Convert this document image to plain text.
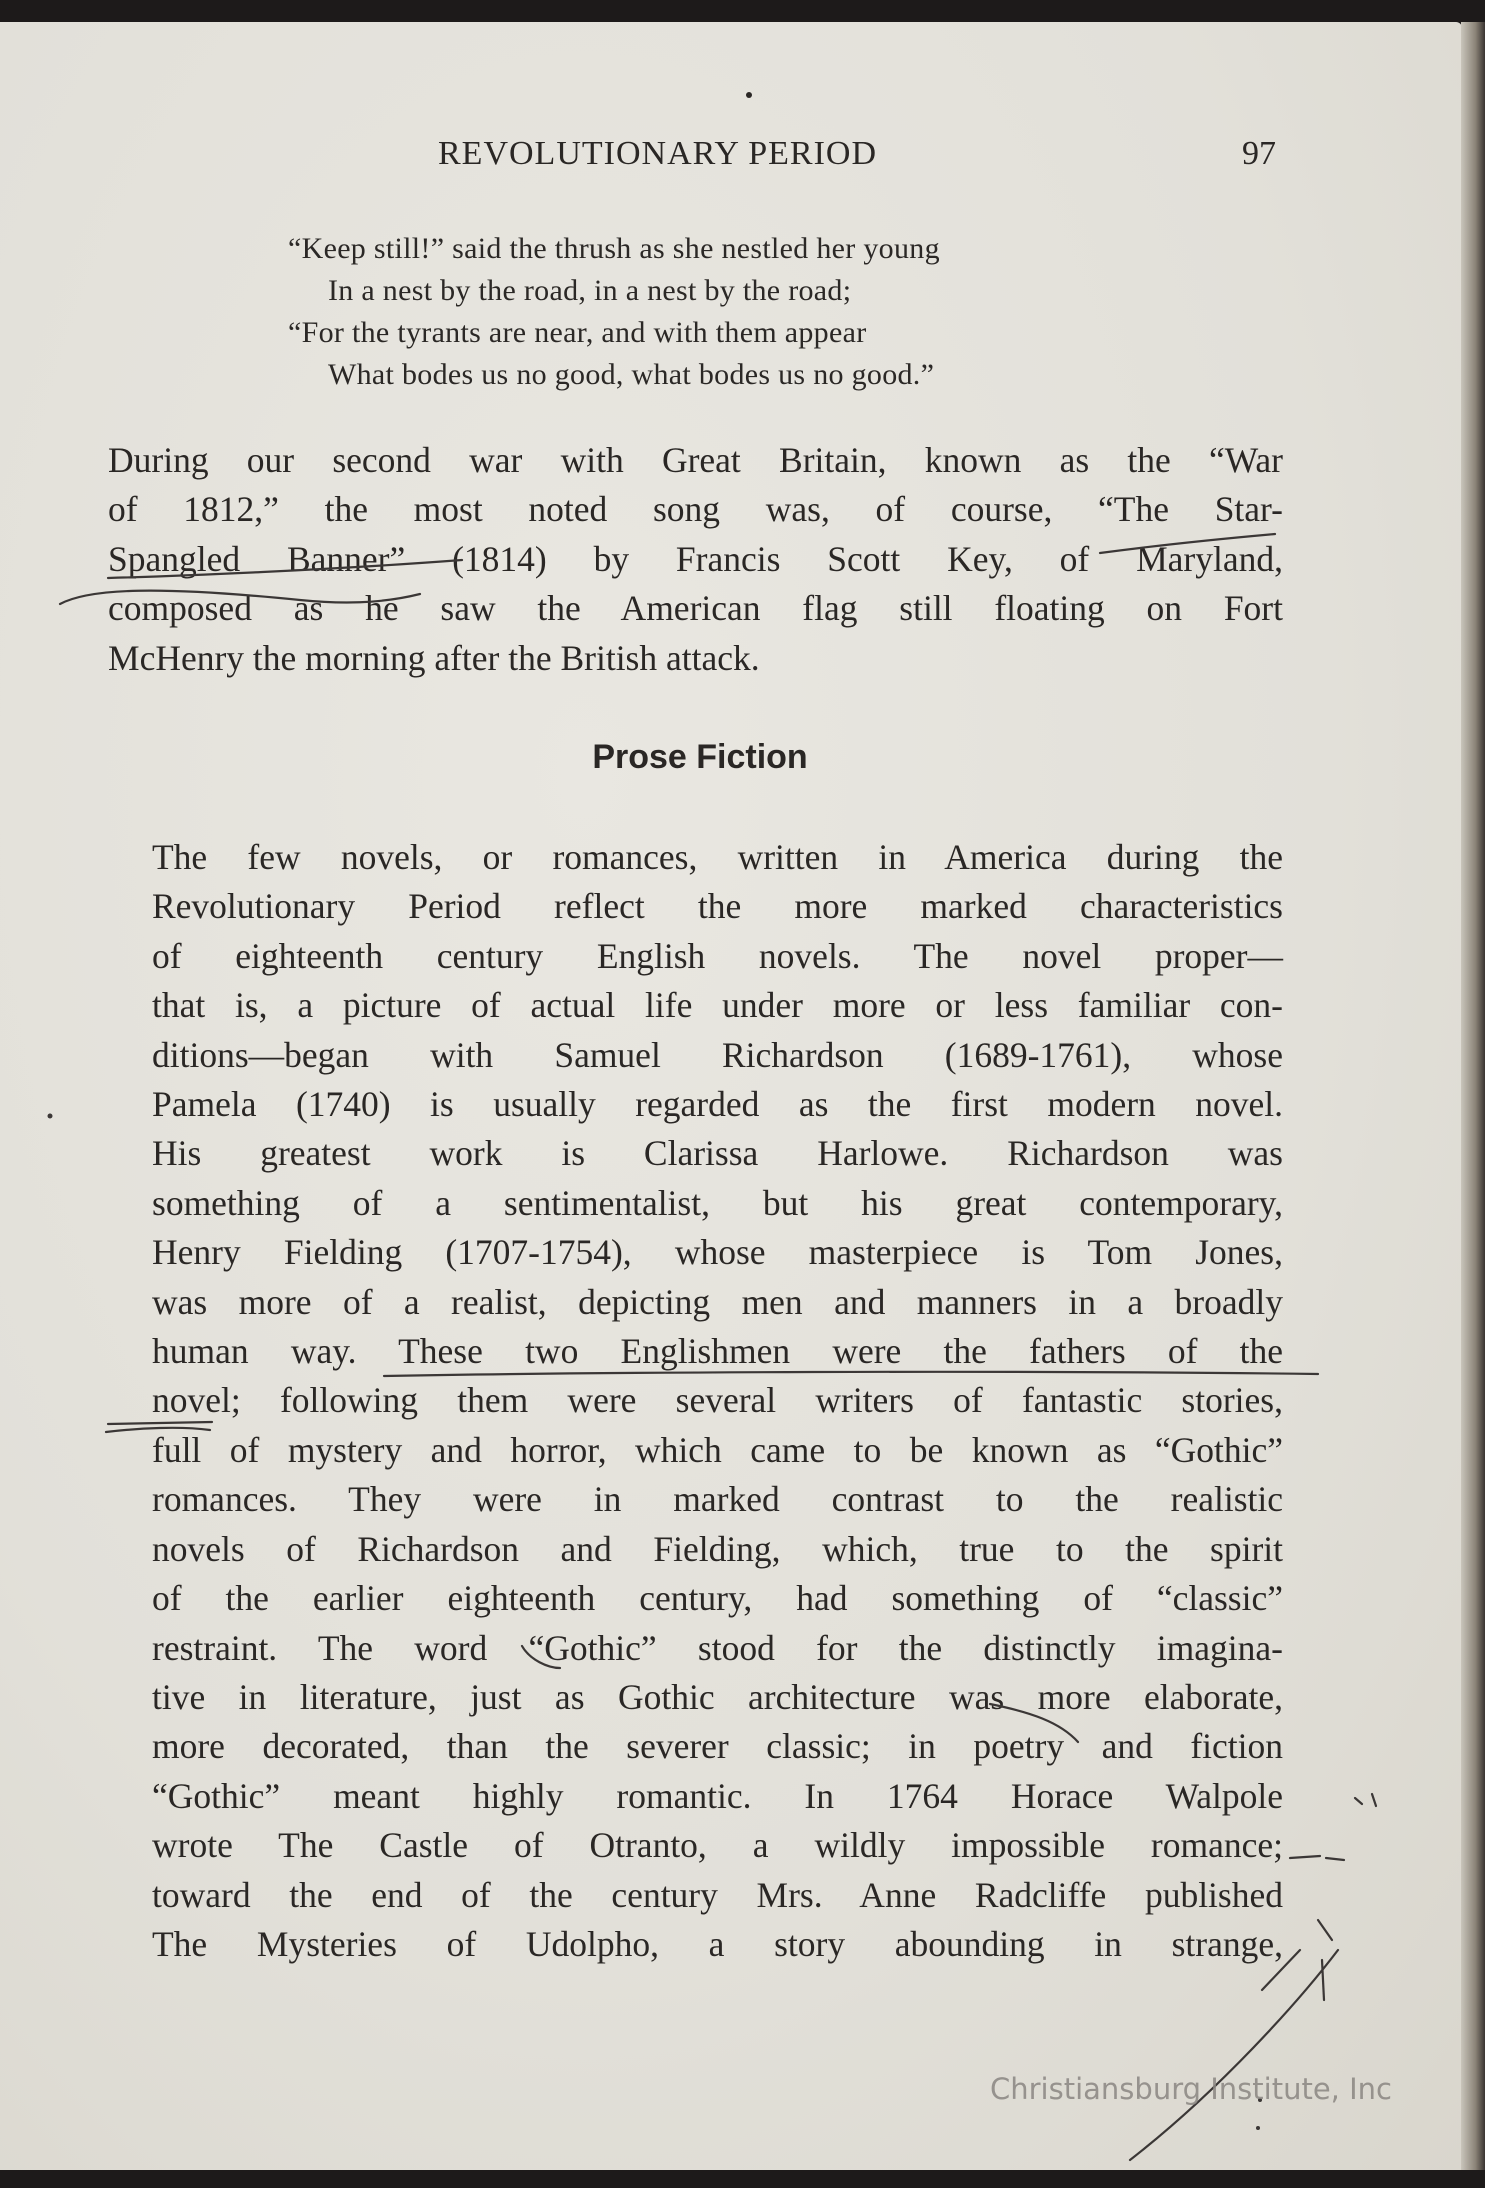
REVOLUTIONARY PERIOD	97
“Keep still!” said the thrush as she nestled her young
In a nest by the road, in a nest by the road;
“For the tyrants are near, and with them appear
What bodes us no good, what bodes us no good.”
During our second war with Great Britain, known as the “War
of 1812,” the most noted song was, of course, “The Star-
Spangled Banner” (1814) by Francis Scott Key, of Maryland,
composed as he saw the American flag still floating on Fort
McHenry the morning after the British attack.
Prose Fiction
The few novels, or romances, written in America during the
Revolutionary Period reflect the more marked characteristics
of eighteenth century English novels. The novel proper—
that is, a picture of actual life under more or less familiar con-
ditions—began with Samuel Richardson (1689-1761), whose
Pamela (1740) is usually regarded as the first modern novel.
His greatest work is Clarissa Harlowe. Richardson was
something of a sentimentalist, but his great contemporary,
Henry Fielding (1707-1754), whose masterpiece is Tom Jones,
was more of a realist, depicting men and manners in a broadly
human way. These two Englishmen were the fathers of the
novel; following them were several writers of fantastic stories,
full of mystery and horror, which came to be known as “Gothic”
romances. They were in marked contrast to the realistic
novels of Richardson and Fielding, which, true to the spirit
of the earlier eighteenth century, had something of “classic”
restraint. The word “Gothic” stood for the distinctly imagina-
tive in literature, just as Gothic architecture was more elaborate,
more decorated, than the severer classic; in poetry and fiction
“Gothic” meant highly romantic. In 1764 Horace Walpole
wrote The Castle of Otranto, a wildly impossible romance;
toward the end of the century Mrs. Anne Radcliffe published
The Mysteries of Udolpho, a story abounding in strange,
Christiansburg Institute, Inc
